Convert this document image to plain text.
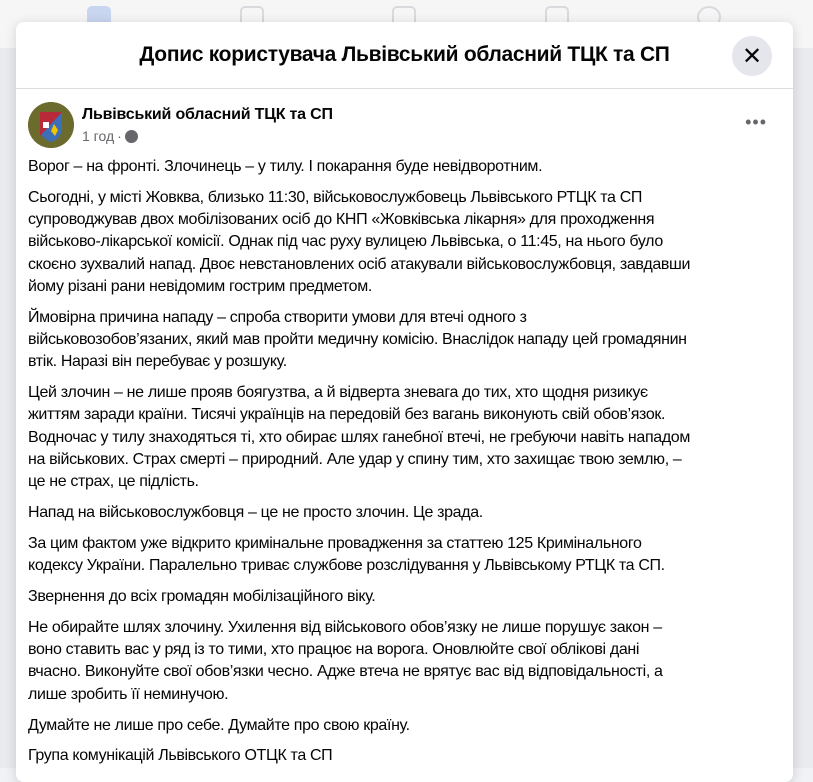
Допис користувача Львівський обласний ТЦК та СП	✕
Львівський обласний ТЦК та СП
1 год ·
•••
Ворог – на фронті. Злочинець – у тилу. І покарання буде невідворотним.
Сьогодні, у місті Жовква, близько 11:30, військовослужбовець Львівського РТЦК та СП
супроводжував двох мобілізованих осіб до КНП «Жовківська лікарня» для проходження
військово-лікарської комісії. Однак під час руху вулицею Львівська, о 11:45, на нього було
скоєно зухвалий напад. Двоє невстановлених осіб атакували військовослужбовця, завдавши
йому різані рани невідомим гострим предметом.
Ймовірна причина нападу – спроба створити умови для втечі одного з
військовозобов’язаних, який мав пройти медичну комісію. Внаслідок нападу цей громадянин
втік. Наразі він перебуває у розшуку.
Цей злочин – не лише прояв боягузтва, а й відверта зневага до тих, хто щодня ризикує
життям заради країни. Тисячі українців на передовій без вагань виконують свій обов’язок.
Водночас у тилу знаходяться ті, хто обирає шлях ганебної втечі, не гребуючи навіть нападом
на військових. Страх смерті – природний. Але удар у спину тим, хто захищає твою землю, –
це не страх, це підлість.
Напад на військовослужбовця – це не просто злочин. Це зрада.
За цим фактом уже відкрито кримінальне провадження за статтею 125 Кримінального
кодексу України. Паралельно триває службове розслідування у Львівському РТЦК та СП.
Звернення до всіх громадян мобілізаційного віку.
Не обирайте шлях злочину. Ухилення від військового обов’язку не лише порушує закон –
воно ставить вас у ряд із то тими, хто працює на ворога. Оновлюйте свої облікові дані
вчасно. Виконуйте свої обов’язки чесно. Адже втеча не врятує вас від відповідальності, а
лише зробить її неминучою.
Думайте не лише про себе. Думайте про свою країну.
Група комунікацій Львівського ОТЦК та СП
